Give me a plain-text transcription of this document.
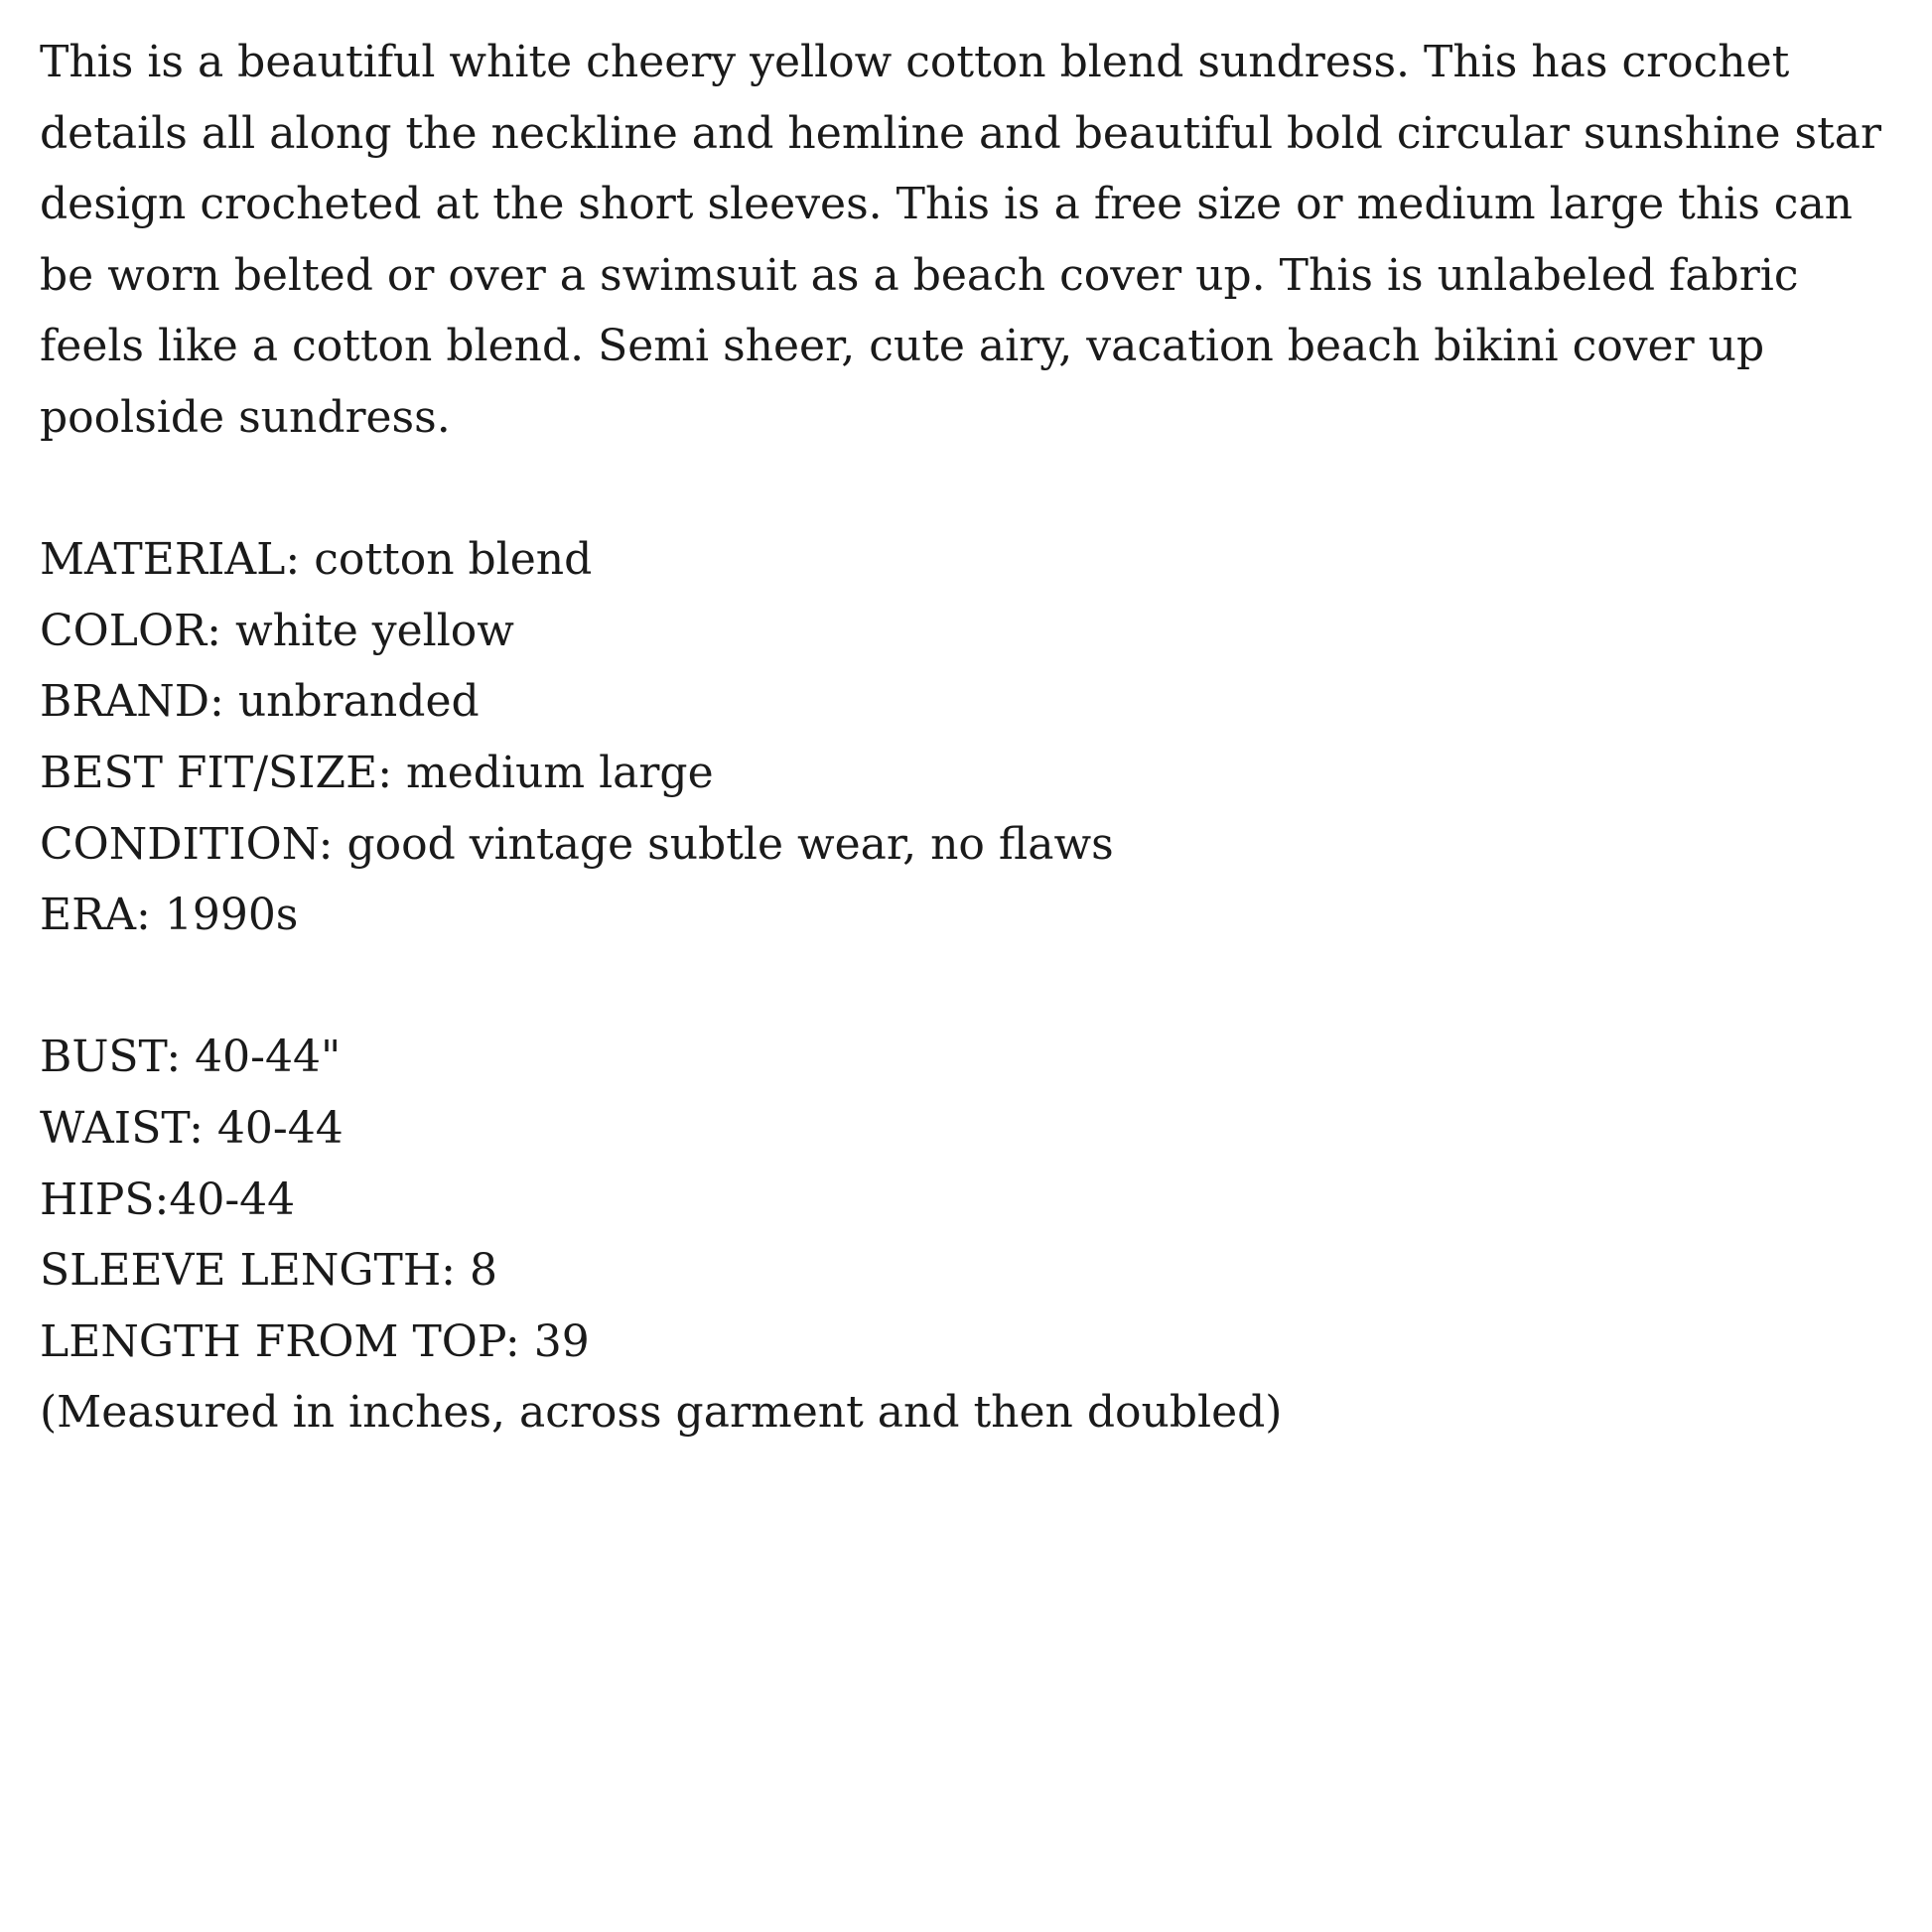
This is a beautiful white cheery yellow cotton blend sundress. This has crochet details all along the neckline and hemline and beautiful bold circular sunshine star design crocheted at the short sleeves. This is a free size or medium large this can be worn belted or over a swimsuit as a beach cover up. This is unlabeled fabric feels like a cotton blend. Semi sheer, cute airy, vacation beach bikini cover up poolside sundress.

MATERIAL: cotton blend

COLOR: white yellow

BRAND: unbranded

BEST FIT/SIZE: medium large

CONDITION: good vintage subtle wear, no flaws

ERA: 1990s

BUST: 40-44"

WAIST: 40-44

HIPS:40-44

SLEEVE LENGTH: 8

LENGTH FROM TOP: 39

(Measured in inches, across garment and then doubled)
